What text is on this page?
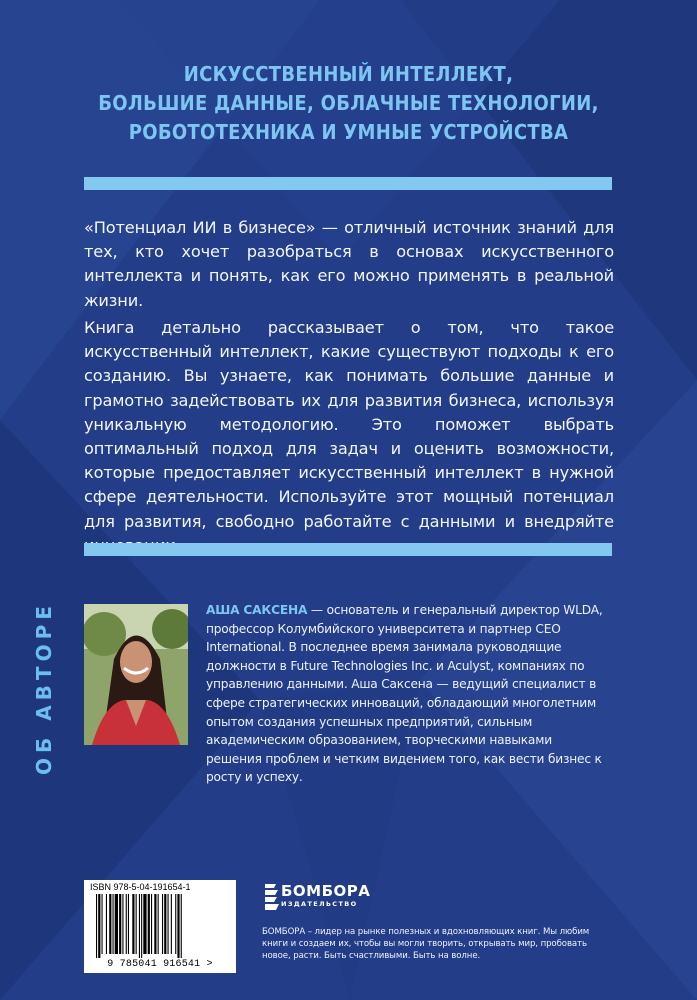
ИСКУССТВЕННЫЙ ИНТЕЛЛЕКТ,
БОЛЬШИЕ ДАННЫЕ, ОБЛАЧНЫЕ ТЕХНОЛОГИИ,
РОБОТОТЕХНИКА И УМНЫЕ УСТРОЙСТВА
«Потенциал ИИ в бизнесе» — отличный источник знаний для тех, кто хочет разобраться в основах искусственного интеллекта и понять, как его можно применять в реальной жизни.
Книга детально рассказывает о том, что такое искусственный интеллект, какие существуют подходы к его созданию. Вы узнаете, как понимать большие данные и грамотно задействовать их для развития бизнеса, используя уникальную методологию. Это поможет выбрать оптимальный подход для задач и оценить возможности, которые предоставляет искусственный интеллект в нужной сфере деятельности. Используйте этот мощный потенциал для развития, свободно работайте с данными и внедряйте
ОБ АВТОРЕ	АША САКСЕНА — основатель и генеральный директор WLDA, профессор Колумбийского университета и партнер CEO International. В последнее время занимала руководящие должности в Future Technologies Inc. и Aculyst, компаниях по управлению данными. Аша Саксена — ведущий специалист в сфере стратегических инноваций, обладающий многолетним опытом создания успешных предприятий, сильным академическим образованием, творческими навыками решения проблем и четким видением того, как вести бизнес к росту и успеху.
ISBN 978-5-04-191654-1
9 785041 916541 >
БОМБОРА
ИЗДАТЕЛЬСТВО
БОМБОРА – лидер на рынке полезных и вдохновляющих книг. Мы любим книги и создаем их, чтобы вы могли творить, открывать мир, пробовать новое, расти. Быть счастливыми. Быть на волне.
